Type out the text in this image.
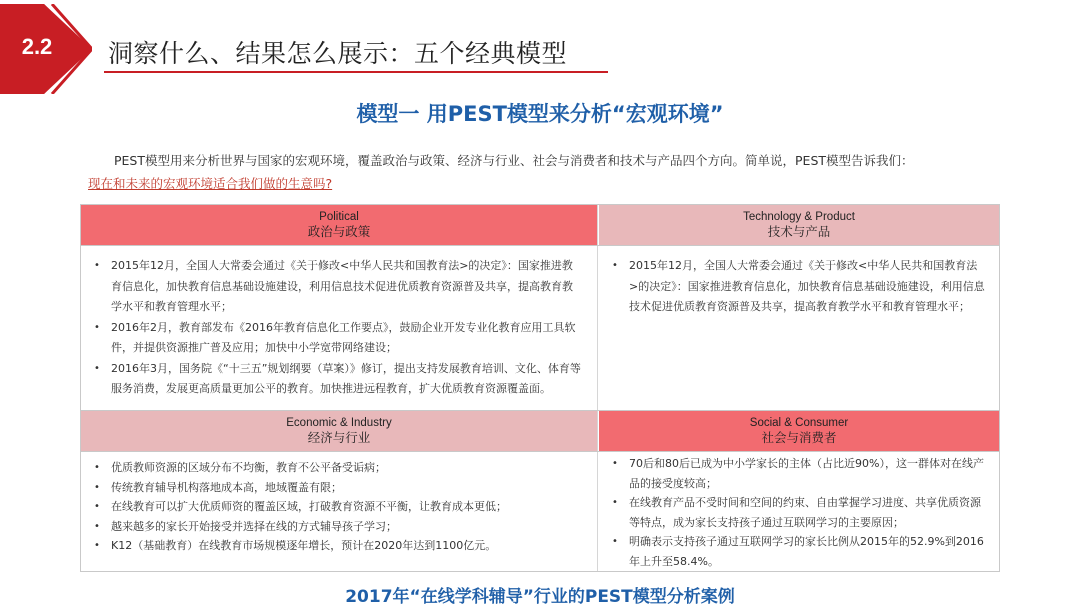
2.2	洞察什么、结果怎么展示：五个经典模型
模型一 用PEST模型来分析“宏观环境”
PEST模型用来分析世界与国家的宏观环境，覆盖政治与政策、经济与行业、社会与消费者和技术与产品四个方向。简单说，PEST模型告诉我们：
现在和未来的宏观环境适合我们做的生意吗?
Political
政治与政策
Technology & Product
技术与产品
• 2015年12月，全国人大常委会通过《关于修改<中华人民共和国教育法>的决定》：国家推进教育信息化，加快教育信息基础设施建设，利用信息技术促进优质教育资源普及共享，提高教育教学水平和教育管理水平；
• 2016年2月，教育部发布《2016年教育信息化工作要点》，鼓励企业开发专业化教育应用工具软件，并提供资源推广普及应用；加快中小学宽带网络建设；
• 2016年3月，国务院《“十三五”规划纲要（草案）》修订，提出支持发展教育培训、文化、体育等服务消费，发展更高质量更加公平的教育。加快推进远程教育，扩大优质教育资源覆盖面。
• 2015年12月，全国人大常委会通过《关于修改<中华人民共和国教育法>的决定》：国家推进教育信息化，加快教育信息基础设施建设，利用信息技术促进优质教育资源普及共享，提高教育教学水平和教育管理水平；
Economic & Industry
经济与行业
Social & Consumer
社会与消费者
• 优质教师资源的区域分布不均衡，教育不公平备受诟病；
• 传统教育辅导机构落地成本高，地域覆盖有限；
• 在线教育可以扩大优质师资的覆盖区域，打破教育资源不平衡，让教育成本更低；
• 越来越多的家长开始接受并选择在线的方式辅导孩子学习；
• K12（基础教育）在线教育市场规模逐年增长，预计在2020年达到1100亿元。
• 70后和80后已成为中小学家长的主体（占比近90%），这一群体对在线产品的接受度较高；
• 在线教育产品不受时间和空间的约束、自由掌握学习进度、共享优质资源等特点，成为家长支持孩子通过互联网学习的主要原因；
• 明确表示支持孩子通过互联网学习的家长比例从2015年的52.9%到2016年上升至58.4%。
2017年“在线学科辅导”行业的PEST模型分析案例
